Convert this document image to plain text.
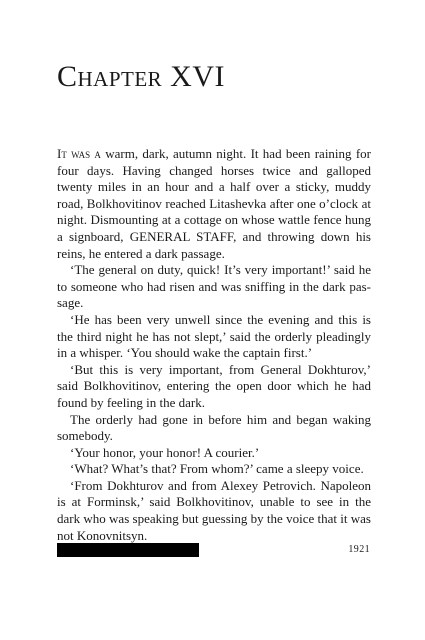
Chapter XVI

It was a warm, dark, autumn night. It had been raining for four days. Having changed horses twice and galloped twenty miles in an hour and a half over a sticky, muddy road, Bolkhovitinov reached Litashevka after one o’clock at night. Dismounting at a cottage on whose wattle fence hung a signboard, GENERAL STAFF, and throwing down his reins, he entered a dark passage.

‘The general on duty, quick! It’s very important!’ said he to someone who had risen and was sniffing in the dark passage.

‘He has been very unwell since the evening and this is the third night he has not slept,’ said the orderly pleadingly in a whisper. ‘You should wake the captain first.’

‘But this is very important, from General Dokhturov,’ said Bolkhovitinov, entering the open door which he had found by feeling in the dark.

The orderly had gone in before him and began waking somebody.

‘Your honor, your honor! A courier.’

‘What? What’s that? From whom?’ came a sleepy voice.

‘From Dokhturov and from Alexey Petrovich. Napoleon is at Forminsk,’ said Bolkhovitinov, unable to see in the dark who was speaking but guessing by the voice that it was not Konovnitsyn.

1921
